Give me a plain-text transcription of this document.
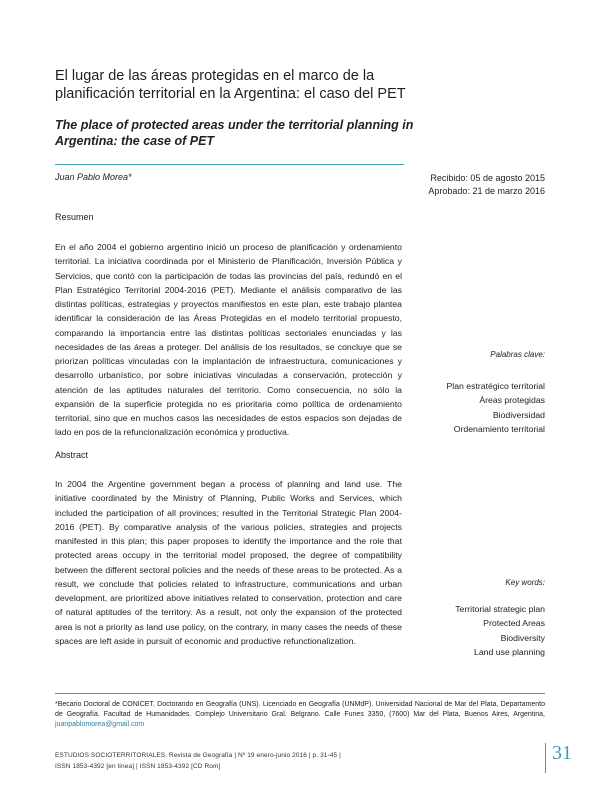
El lugar de las áreas protegidas en el marco de la planificación territorial en la Argentina: el caso del PET
The place of protected areas under the territorial planning in Argentina: the case of PET
Juan Pablo Morea*	Recibido: 05 de agosto 2015
Aprobado: 21 de marzo 2016
Resumen
En el año 2004 el gobierno argentino inició un proceso de planificación y ordenamiento territorial. La iniciativa coordinada por el Ministerio de Planificación, Inversión Pública y Servicios, que contó con la participación de todas las provincias del país, redundó en el Plan Estratégico Territorial 2004-2016 (PET). Mediante el análisis comparativo de las distintas políticas, estrategias y proyectos manifiestos en este plan, este trabajo plantea identificar la consideración de las Áreas Protegidas en el modelo territorial propuesto, comparando la importancia entre las distintas políticas sectoriales enunciadas y las necesidades de las áreas a proteger. Del análisis de los resultados, se concluye que se priorizan políticas vinculadas con la implantación de infraestructura, comunicaciones y desarrollo urbanístico, por sobre iniciativas vinculadas a conservación, protección y atención de las aptitudes naturales del territorio. Como consecuencia, no sólo la expansión de la superficie protegida no es prioritaria como política de ordenamiento territorial, sino que en muchos casos las necesidades de estos espacios son dejadas de lado en pos de la refuncionalización económica y productiva.
Palabras clave:
Plan estratégico territorial
Áreas protegidas
Biodiversidad
Ordenamiento territorial
Abstract
In 2004 the Argentine government began a process of planning and land use. The initiative coordinated by the Ministry of Planning, Public Works and Services, which included the participation of all provinces; resulted in the Territorial Strategic Plan 2004-2016 (PET). By comparative analysis of the various policies, strategies and projects manifested in this plan; this paper proposes to identify the importance and the role that protected areas occupy in the territorial model proposed, the degree of compatibility between the different sectoral policies and the needs of these areas to be protected. As a result, we conclude that policies related to infrastructure, communications and urban development, are prioritized above initiatives related to conservation, protection and care of natural aptitudes of the territory. As a result, not only the expansion of the protected area is not a priority as land use policy, on the contrary, in many cases the needs of these spaces are left aside in pursuit of economic and productive refunctionalization.
Key words:
Territorial strategic plan
Protected Areas
Biodiversity
Land use planning
*Becario Doctoral de CONICET. Doctorando en Geografía (UNS). Licenciado en Geografía (UNMdP). Universidad Nacional de Mar del Plata, Departamento de Geografía. Facultad de Humanidades. Complejo Universitario Gral. Belgrano. Calle Funes 3350, (7600) Mar del Plata, Buenos Aires, Argentina, juanpablomorea@gmail.com
ESTUDIOS SOCIOTERRITORIALES. Revista de Geografía | Nº 19 enero-junio 2016 | p. 31-45 |
ISSN 1853-4392 [en línea] | ISSN 1853-4392 [CD Rom]
31
